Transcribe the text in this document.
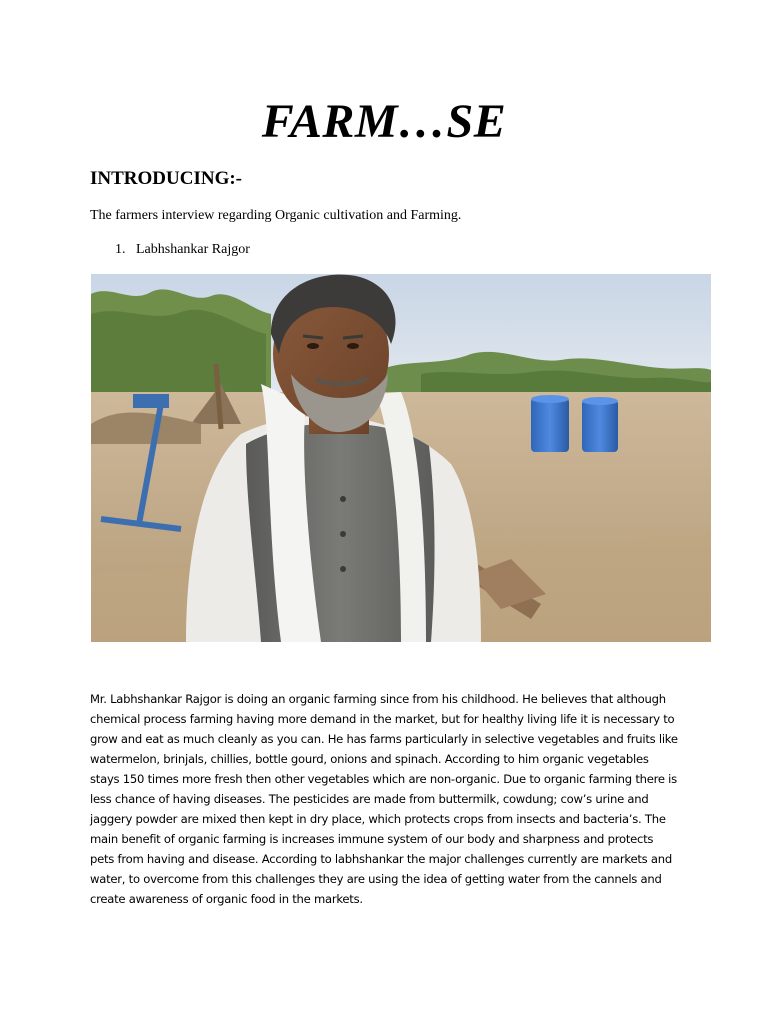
FARM…SE
INTRODUCING:-
The farmers interview regarding Organic cultivation and Farming.
1. Labhshankar Rajgor

Mr. Labhshankar Rajgor is doing an organic farming since from his childhood. He believes that although chemical process farming having more demand in the market, but for healthy living life it is necessary to grow and eat as much cleanly as you can. He has farms particularly in selective vegetables and fruits like watermelon, brinjals, chillies, bottle gourd, onions and spinach. According to him organic vegetables stays 150 times more fresh then other vegetables which are non-organic. Due to organic farming there is less chance of having diseases. The pesticides are made from buttermilk, cowdung; cow’s urine and jaggery powder are mixed then kept in dry place, which protects crops from insects and bacteria’s. The main benefit of organic farming is increases immune system of our body and sharpness and protects pets from having and disease. According to labhshankar the major challenges currently are markets and water, to overcome from this challenges they are using the idea of getting water from the cannels and create awareness of organic food in the markets.
